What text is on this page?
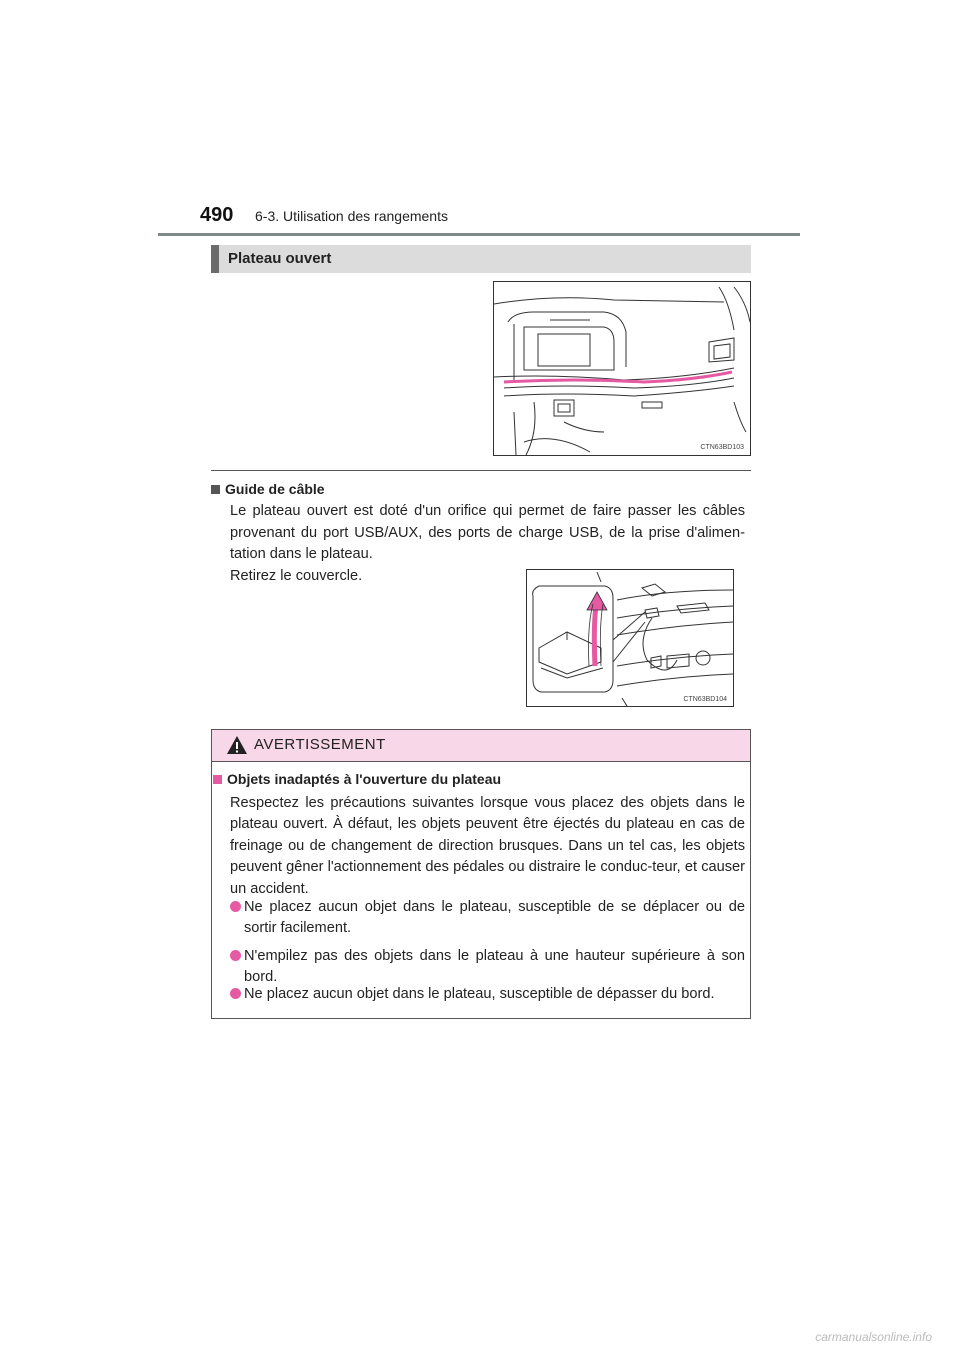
490 6-3. Utilisation des rangements
Plateau ouvert
CTN63BD103
Guide de câble
Le plateau ouvert est doté d'un orifice qui permet de faire passer les câbles provenant du port USB/AUX, des ports de charge USB, de la prise d'alimen-tation dans le plateau.
Retirez le couvercle.
CTN63BD104
AVERTISSEMENT
Objets inadaptés à l'ouverture du plateau
Respectez les précautions suivantes lorsque vous placez des objets dans le plateau ouvert. À défaut, les objets peuvent être éjectés du plateau en cas de freinage ou de changement de direction brusques. Dans un tel cas, les objets peuvent gêner l'actionnement des pédales ou distraire le conduc-teur, et causer un accident.
Ne placez aucun objet dans le plateau, susceptible de se déplacer ou de sortir facilement.
N'empilez pas des objets dans le plateau à une hauteur supérieure à son bord.
Ne placez aucun objet dans le plateau, susceptible de dépasser du bord.
carmanualsonline.info
